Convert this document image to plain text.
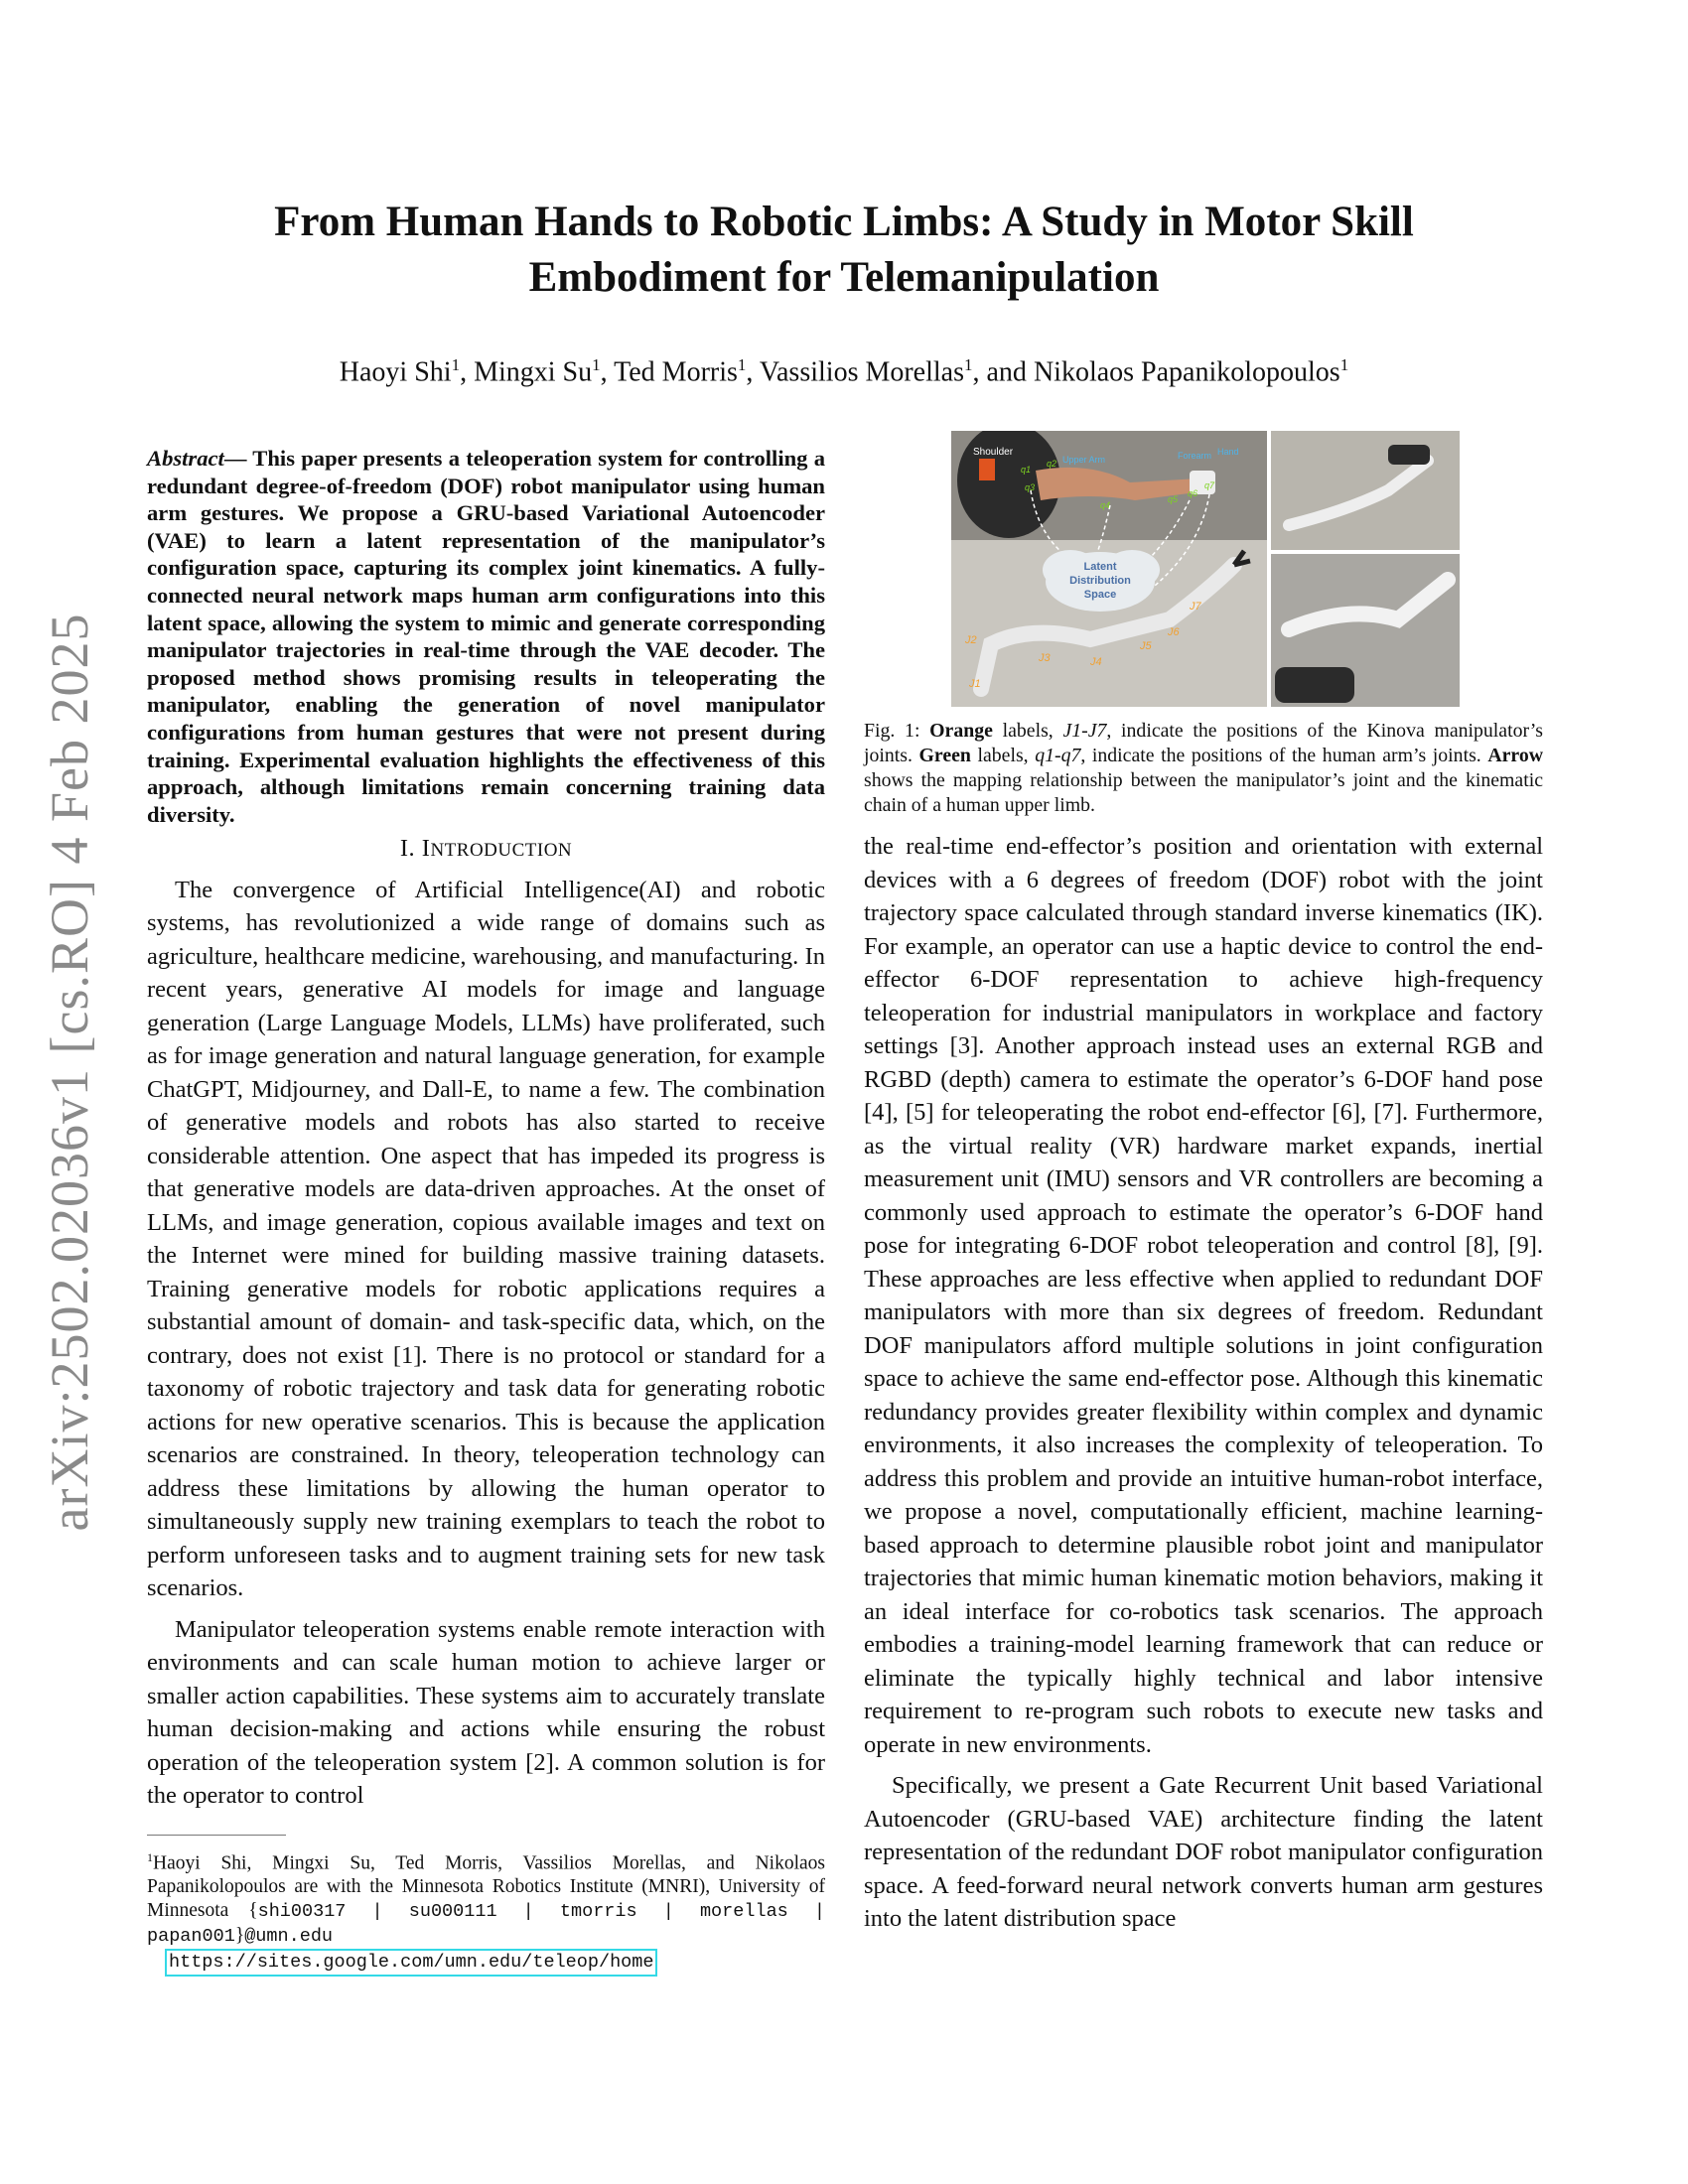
arXiv:2502.02036v1 [cs.RO] 4 Feb 2025
From Human Hands to Robotic Limbs: A Study in Motor Skill
Embodiment for Telemanipulation
Haoyi Shi$^1$, Mingxi Su$^1$, Ted Morris$^1$, Vassilios Morellas$^1$, and Nikolaos Papanikolopoulos$^1$
Abstract— This paper presents a teleoperation system for controlling a redundant degree-of-freedom (DOF) robot manipulator using human arm gestures. We propose a GRU-based Variational Autoencoder (VAE) to learn a latent representation of the manipulator’s configuration space, capturing its complex joint kinematics. A fully-connected neural network maps human arm configurations into this latent space, allowing the system to mimic and generate corresponding manipulator trajectories in real-time through the VAE decoder. The proposed method shows promising results in teleoperating the manipulator, enabling the generation of novel manipulator configurations from human gestures that were not present during training. Experimental evaluation highlights the effectiveness of this approach, although limitations remain concerning training data diversity.
I. INTRODUCTION

The convergence of Artificial Intelligence(AI) and robotic systems, has revolutionized a wide range of domains such as agriculture, healthcare medicine, warehousing, and manufacturing. In recent years, generative AI models for image and language generation (Large Language Models, LLMs) have proliferated, such as for image generation and natural language generation, for example ChatGPT, Midjourney, and Dall-E, to name a few. The combination of generative models and robots has also started to receive considerable attention. One aspect that has impeded its progress is that generative models are data-driven approaches. At the onset of LLMs, and image generation, copious available images and text on the Internet were mined for building massive training datasets. Training generative models for robotic applications requires a substantial amount of domain- and task-specific data, which, on the contrary, does not exist [1]. There is no protocol or standard for a taxonomy of robotic trajectory and task data for generating robotic actions for new operative scenarios. This is because the application scenarios are constrained. In theory, teleoperation technology can address these limitations by allowing the human operator to simultaneously supply new training exemplars to teach the robot to perform unforeseen tasks and to augment training sets for new task scenarios.

Manipulator teleoperation systems enable remote interaction with environments and can scale human motion to achieve larger or smaller action capabilities. These systems aim to accurately translate human decision-making and actions while ensuring the robust operation of the teleoperation system [2]. A common solution is for the operator to control

$^1$Haoyi Shi, Mingxi Su, Ted Morris, Vassilios Morellas, and Nikolaos Papanikolopoulos are with the Minnesota Robotics Institute (MNRI), University of Minnesota {shi00317 | su000111 | tmorris | morellas | papan001}@umn.edu
https://sites.google.com/umn.edu/teleop/home
Shoulder
Upper Arm	Forearm Hand
q1
q2
q3
q4
q5
q6
q7
Latent
Distribution
Space
J1
J2
J3	J4
J5
J6
J7
Fig. 1: Orange labels, J1-J7, indicate the positions of the Kinova manipulator’s joints. Green labels, q1-q7, indicate the positions of the human arm’s joints. Arrow shows the mapping relationship between the manipulator’s joint and the kinematic chain of a human upper limb.

the real-time end-effector’s position and orientation with external devices with a 6 degrees of freedom (DOF) robot with the joint trajectory space calculated through standard inverse kinematics (IK). For example, an operator can use a haptic device to control the end-effector 6-DOF representation to achieve high-frequency teleoperation for industrial manipulators in workplace and factory settings [3]. Another approach instead uses an external RGB and RGBD (depth) camera to estimate the operator’s 6-DOF hand pose [4], [5] for teleoperating the robot end-effector [6], [7]. Furthermore, as the virtual reality (VR) hardware market expands, inertial measurement unit (IMU) sensors and VR controllers are becoming a commonly used approach to estimate the operator’s 6-DOF hand pose for integrating 6-DOF robot teleoperation and control [8], [9]. These approaches are less effective when applied to redundant DOF manipulators with more than six degrees of freedom. Redundant DOF manipulators afford multiple solutions in joint configuration space to achieve the same end-effector pose. Although this kinematic redundancy provides greater flexibility within complex and dynamic environments, it also increases the complexity of teleoperation. To address this problem and provide an intuitive human-robot interface, we propose a novel, computationally efficient, machine learning-based approach to determine plausible robot joint and manipulator trajectories that mimic human kinematic motion behaviors, making it an ideal interface for co-robotics task scenarios. The approach embodies a training-model learning framework that can reduce or eliminate the typically highly technical and labor intensive requirement to re-program such robots to execute new tasks and operate in new environments.

Specifically, we present a Gate Recurrent Unit based Variational Autoencoder (GRU-based VAE) architecture finding the latent representation of the redundant DOF robot manipulator configuration space. A feed-forward neural network converts human arm gestures into the latent distribution space
